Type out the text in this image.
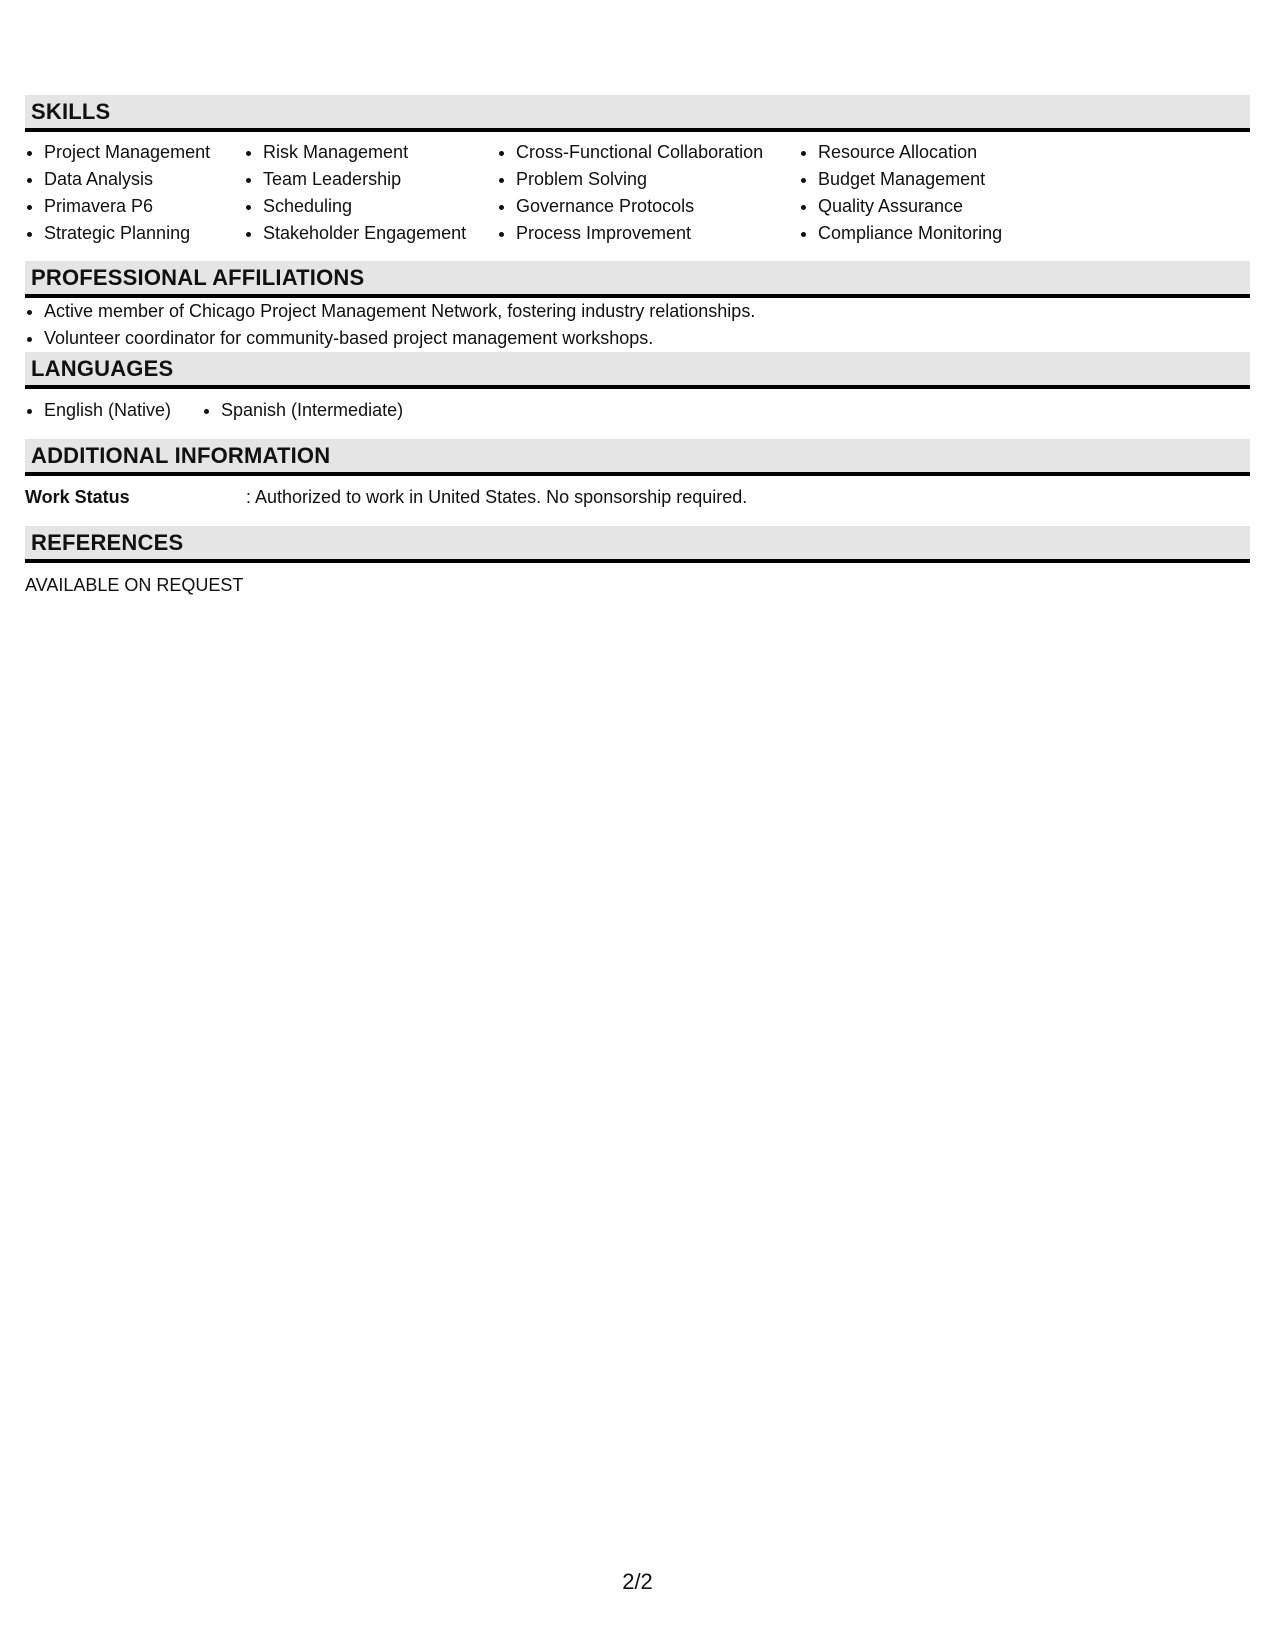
SKILLS
• Project Management
• Data Analysis
• Primavera P6
• Strategic Planning
• Risk Management
• Team Leadership
• Scheduling
• Stakeholder Engagement
• Cross-Functional Collaboration
• Problem Solving
• Governance Protocols
• Process Improvement
• Resource Allocation
• Budget Management
• Quality Assurance
• Compliance Monitoring
PROFESSIONAL AFFILIATIONS
• Active member of Chicago Project Management Network, fostering industry relationships.
• Volunteer coordinator for community-based project management workshops.
LANGUAGES
• English (Native)
•	Spanish (Intermediate)
ADDITIONAL INFORMATION
Work Status	: Authorized to work in United States. No sponsorship required.
REFERENCES
AVAILABLE ON REQUEST
2/2
